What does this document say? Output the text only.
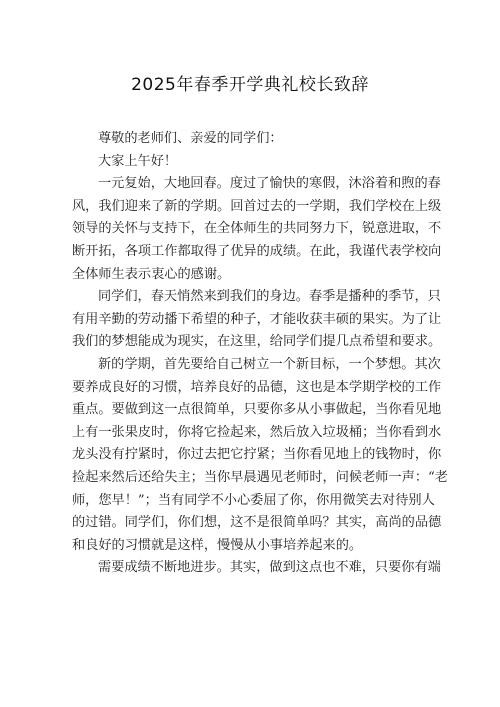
2025年春季开学典礼校长致辞
尊敬的老师们、亲爱的同学们：
大家上午好！
一元复始，大地回春。度过了愉快的寒假，沐浴着和煦的春
风，我们迎来了新的学期。回首过去的一学期，我们学校在上级
领导的关怀与支持下，在全体师生的共同努力下，锐意进取，不
断开拓，各项工作都取得了优异的成绩。在此，我谨代表学校向
全体师生表示衷心的感谢。
同学们，春天悄然来到我们的身边。春季是播种的季节，只
有用辛勤的劳动播下希望的种子，才能收获丰硕的果实。为了让
我们的梦想能成为现实，在这里，给同学们提几点希望和要求。
新的学期，首先要给自己树立一个新目标，一个梦想。其次
要养成良好的习惯，培养良好的品德，这也是本学期学校的工作
重点。要做到这一点很简单，只要你多从小事做起，当你看见地
上有一张果皮时，你将它捡起来，然后放入垃圾桶；当你看到水
龙头没有拧紧时，你过去把它拧紧；当你看见地上的钱物时，你
捡起来然后还给失主；当你早晨遇见老师时，问候老师一声：“老
师，您早！”；当有同学不小心委屈了你，你用微笑去对待别人
的过错。同学们，你们想，这不是很简单吗？其实，高尚的品德
和良好的习惯就是这样，慢慢从小事培养起来的。
需要成绩不断地进步。其实，做到这点也不难，只要你有端
